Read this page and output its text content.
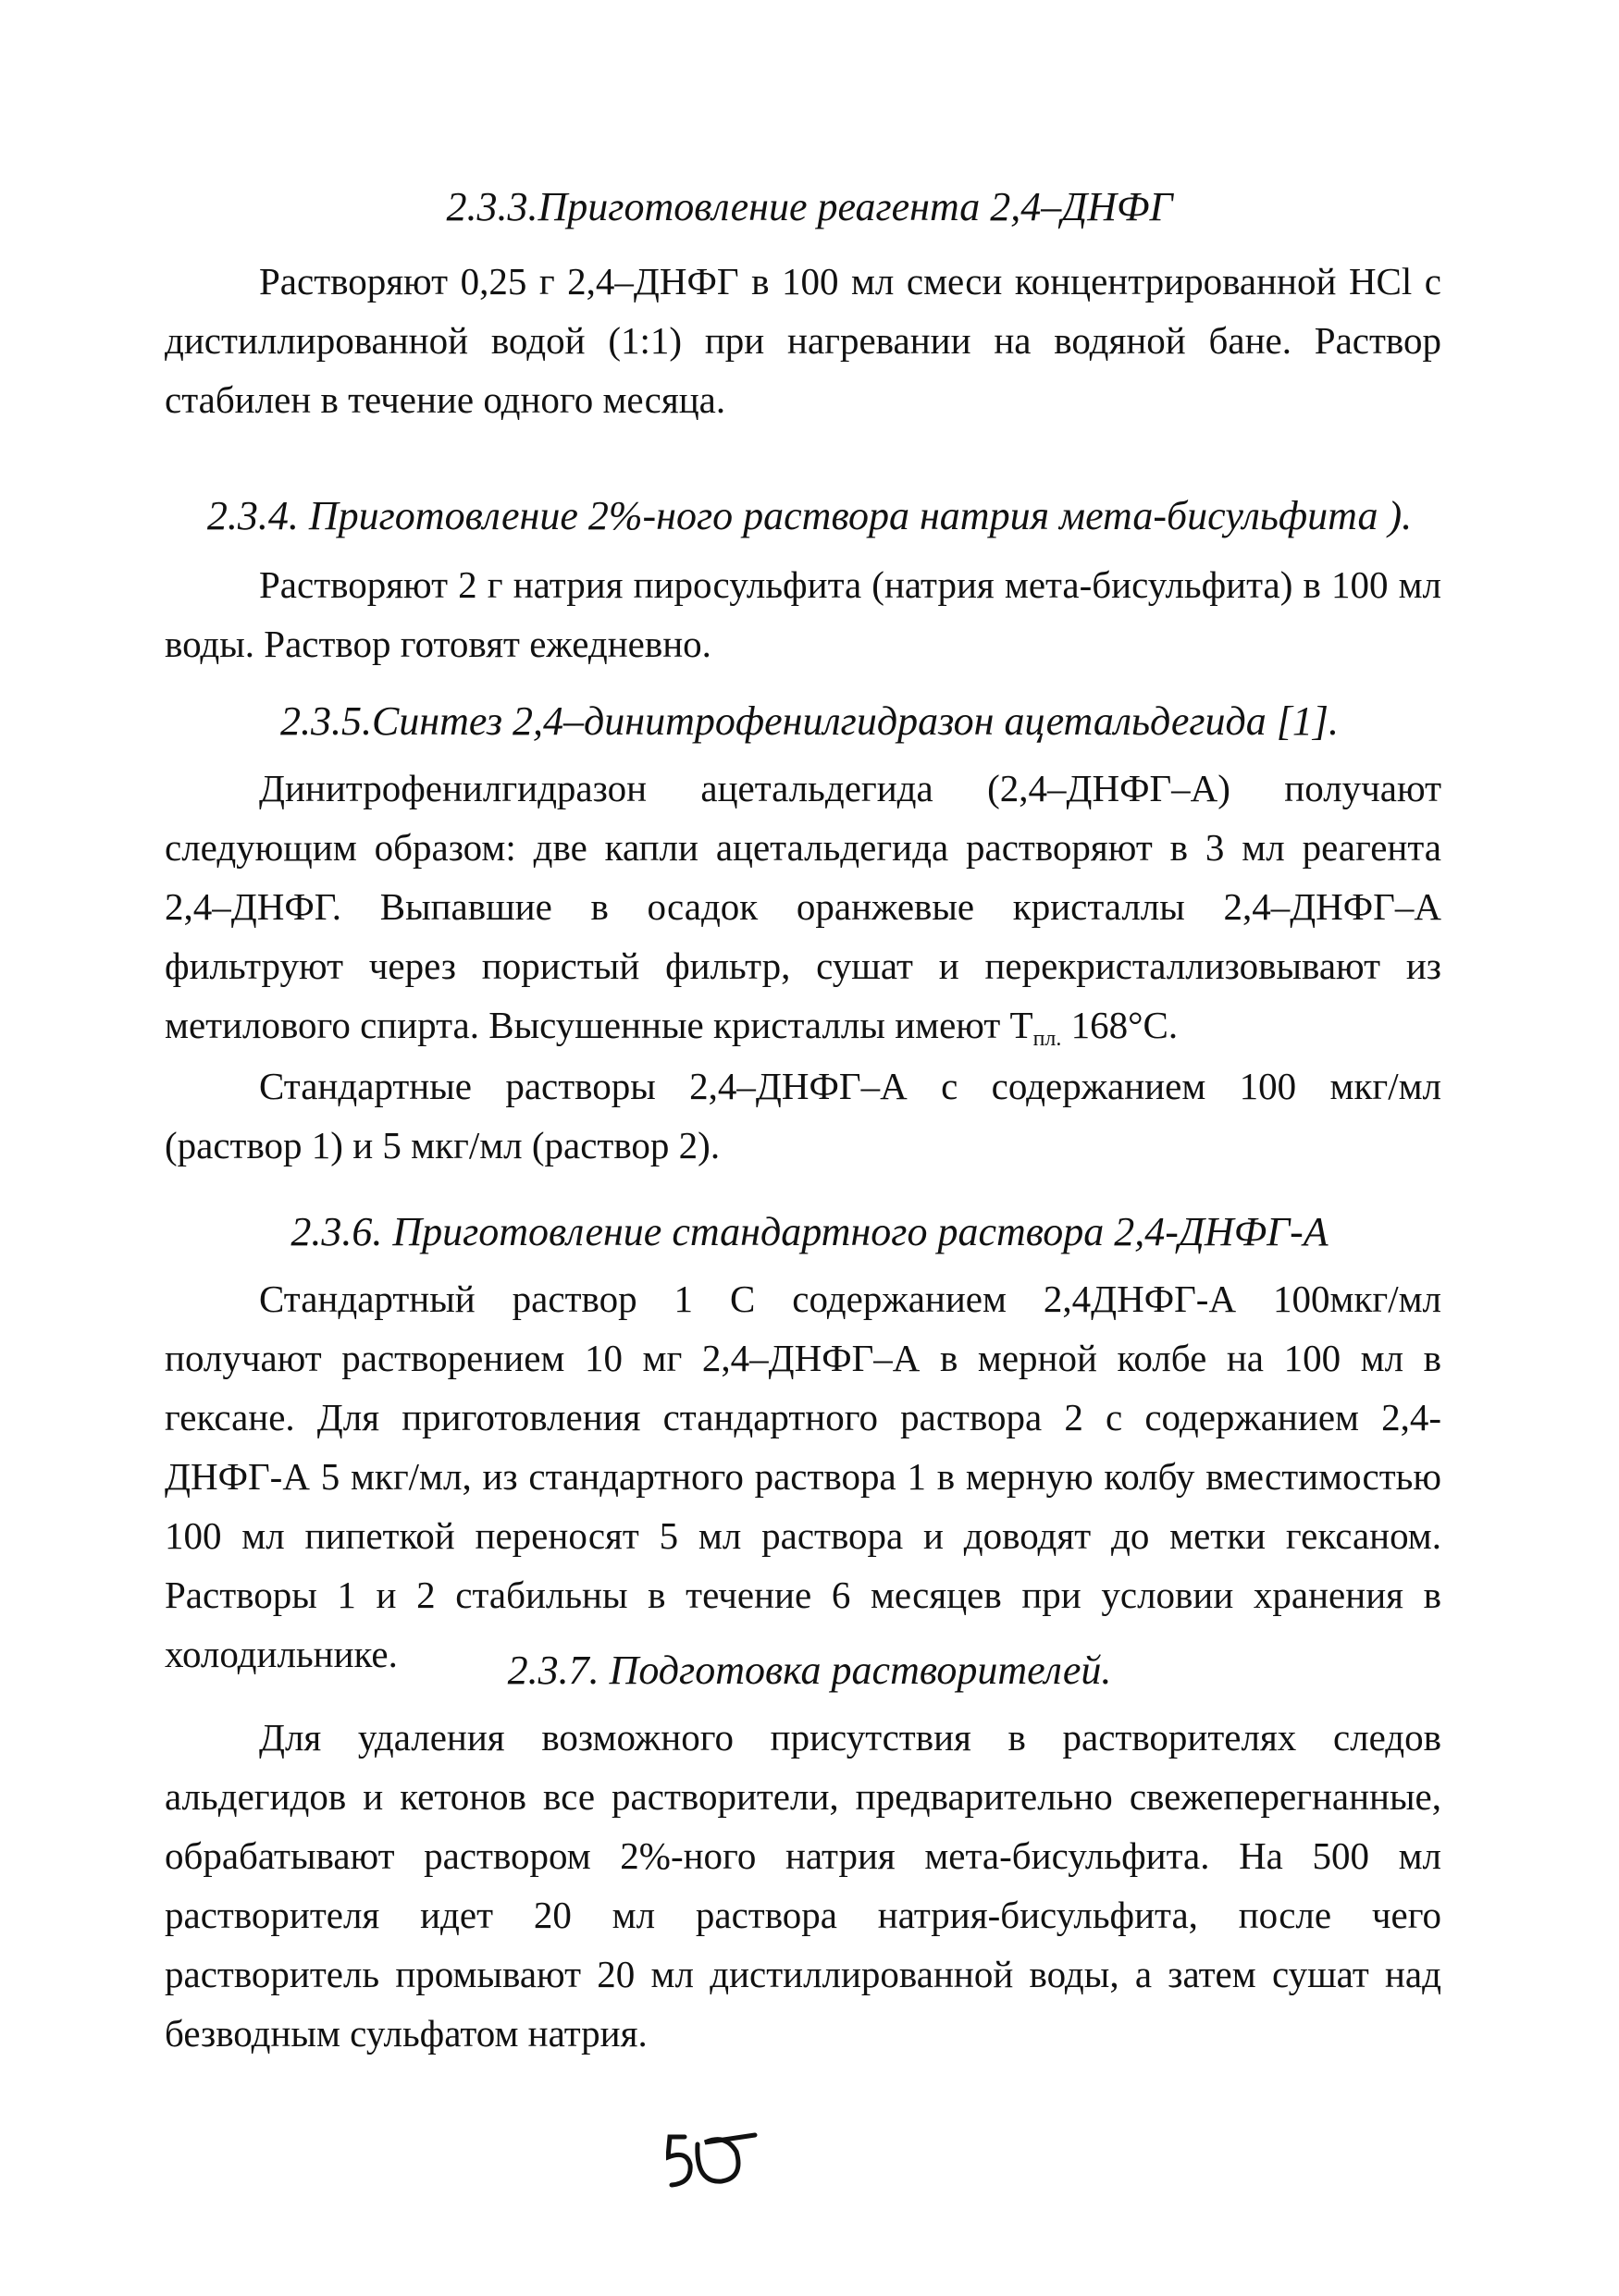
2.3.3.Приготовление реагента 2,4–ДНФГ

Растворяют 0,25 г 2,4–ДНФГ в 100 мл смеси концентрированной HCl с дистиллированной водой (1:1) при нагревании на водяной бане. Раствор стабилен в течение одного месяца.

2.3.4. Приготовление 2%-ного раствора натрия мета-бисульфита ).

Растворяют 2 г натрия пиросульфита (натрия мета-бисульфита) в 100 мл воды. Раствор готовят ежедневно.

2.3.5.Синтез 2,4–динитрофенилгидразон ацетальдегида [1].

Динитрофенилгидразон ацетальдегида (2,4–ДНФГ–А) получают следующим образом: две капли ацетальдегида растворяют в 3 мл реагента 2,4–ДНФГ. Выпавшие в осадок оранжевые кристаллы 2,4–ДНФГ–А фильтруют через пористый фильтр, сушат и перекристаллизовывают из метилового спирта. Высушенные кристаллы имеют $T_{пл.}$ 168°С.

Стандартные растворы 2,4–ДНФГ–А с содержанием 100 мкг/мл (раствор 1) и 5 мкг/мл (раствор 2).

2.3.6. Приготовление стандартного раствора 2,4-ДНФГ-А

Стандартный раствор 1 С содержанием 2,4ДНФГ-А 100мкг/мл получают растворением 10 мг 2,4–ДНФГ–А в мерной колбе на 100 мл в гексане. Для приготовления стандартного раствора 2 с содержанием 2,4-ДНФГ-А 5 мкг/мл, из стандартного раствора 1 в мерную колбу вместимостью 100 мл пипеткой переносят 5 мл раствора и доводят до метки гексаном. Растворы 1 и 2 стабильны в течение 6 месяцев при условии хранения в холодильнике.	2.3.7. Подготовка растворителей.

Для удаления возможного присутствия в растворителях следов альдегидов и кетонов все растворители, предварительно свежеперегнанные, обрабатывают раствором 2%-ного натрия мета-бисульфита. На 500 мл растворителя идет 20 мл раствора натрия-бисульфита, после чего растворитель промывают 20 мл дистиллированной воды, а затем сушат над безводным сульфатом натрия.
